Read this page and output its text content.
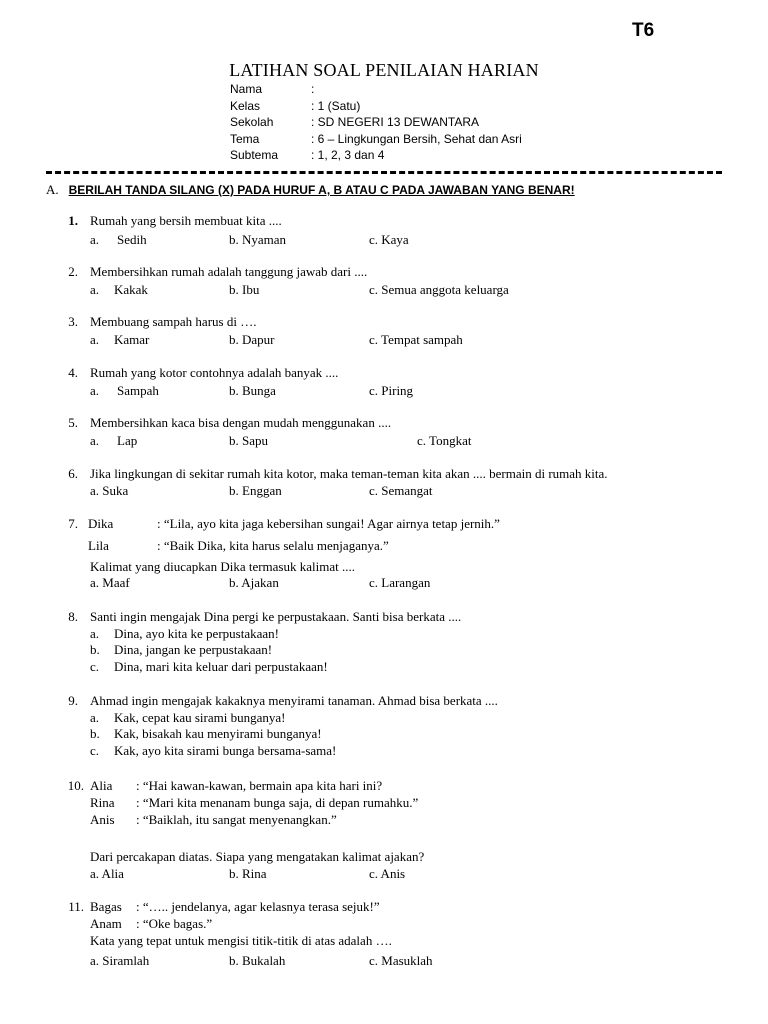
T6
LATIHAN SOAL PENILAIAN HARIAN
Nama	:
Kelas	: 1 (Satu)
Sekolah	: SD NEGERI 13 DEWANTARA
Tema	: 6 – Lingkungan Bersih, Sehat dan Asri
Subtema	: 1, 2, 3 dan 4
A. BERILAH TANDA SILANG (X) PADA HURUF A, B ATAU C PADA JAWABAN YANG BENAR!
1. Rumah yang bersih membuat kita ....
a. Sedih	b. Nyaman	c. Kaya
2. Membersihkan rumah adalah tanggung jawab dari ....
a. Kakak	b. Ibu	c. Semua anggota keluarga
3. Membuang sampah harus di ….
a. Kamar	b. Dapur	c. Tempat sampah
4. Rumah yang kotor contohnya adalah banyak ....
a. Sampah	b. Bunga	c. Piring
5. Membersihkan kaca bisa dengan mudah menggunakan ....
a. Lap	b. Sapu	c. Tongkat
6. Jika lingkungan di sekitar rumah kita kotor, maka teman-teman kita akan .... bermain di rumah kita.
a. Suka	b. Enggan	c. Semangat
7. Dika	: “Lila, ayo kita jaga kebersihan sungai! Agar airnya tetap jernih.”
Lila	: “Baik Dika, kita harus selalu menjaganya.”
Kalimat yang diucapkan Dika termasuk kalimat ....
a. Maaf	b. Ajakan	c. Larangan
8. Santi ingin mengajak Dina pergi ke perpustakaan. Santi bisa berkata ....
a. Dina, ayo kita ke perpustakaan!
b. Dina, jangan ke perpustakaan!
c. Dina, mari kita keluar dari perpustakaan!
9. Ahmad ingin mengajak kakaknya menyirami tanaman. Ahmad bisa berkata ....
a. Kak, cepat kau sirami bunganya!
b. Kak, bisakah kau menyirami bunganya!
c. Kak, ayo kita sirami bunga bersama-sama!
10. Alia : “Hai kawan-kawan, bermain apa kita hari ini?
Rina : “Mari kita menanam bunga saja, di depan rumahku.”
Anis : “Baiklah, itu sangat menyenangkan.”
Dari percakapan diatas. Siapa yang mengatakan kalimat ajakan?
a. Alia	b. Rina	c. Anis
11. Bagas : “….. jendelanya, agar kelasnya terasa sejuk!”
Anam : “Oke bagas.”
Kata yang tepat untuk mengisi titik-titik di atas adalah ….
a. Siramlah	b. Bukalah	c. Masuklah
